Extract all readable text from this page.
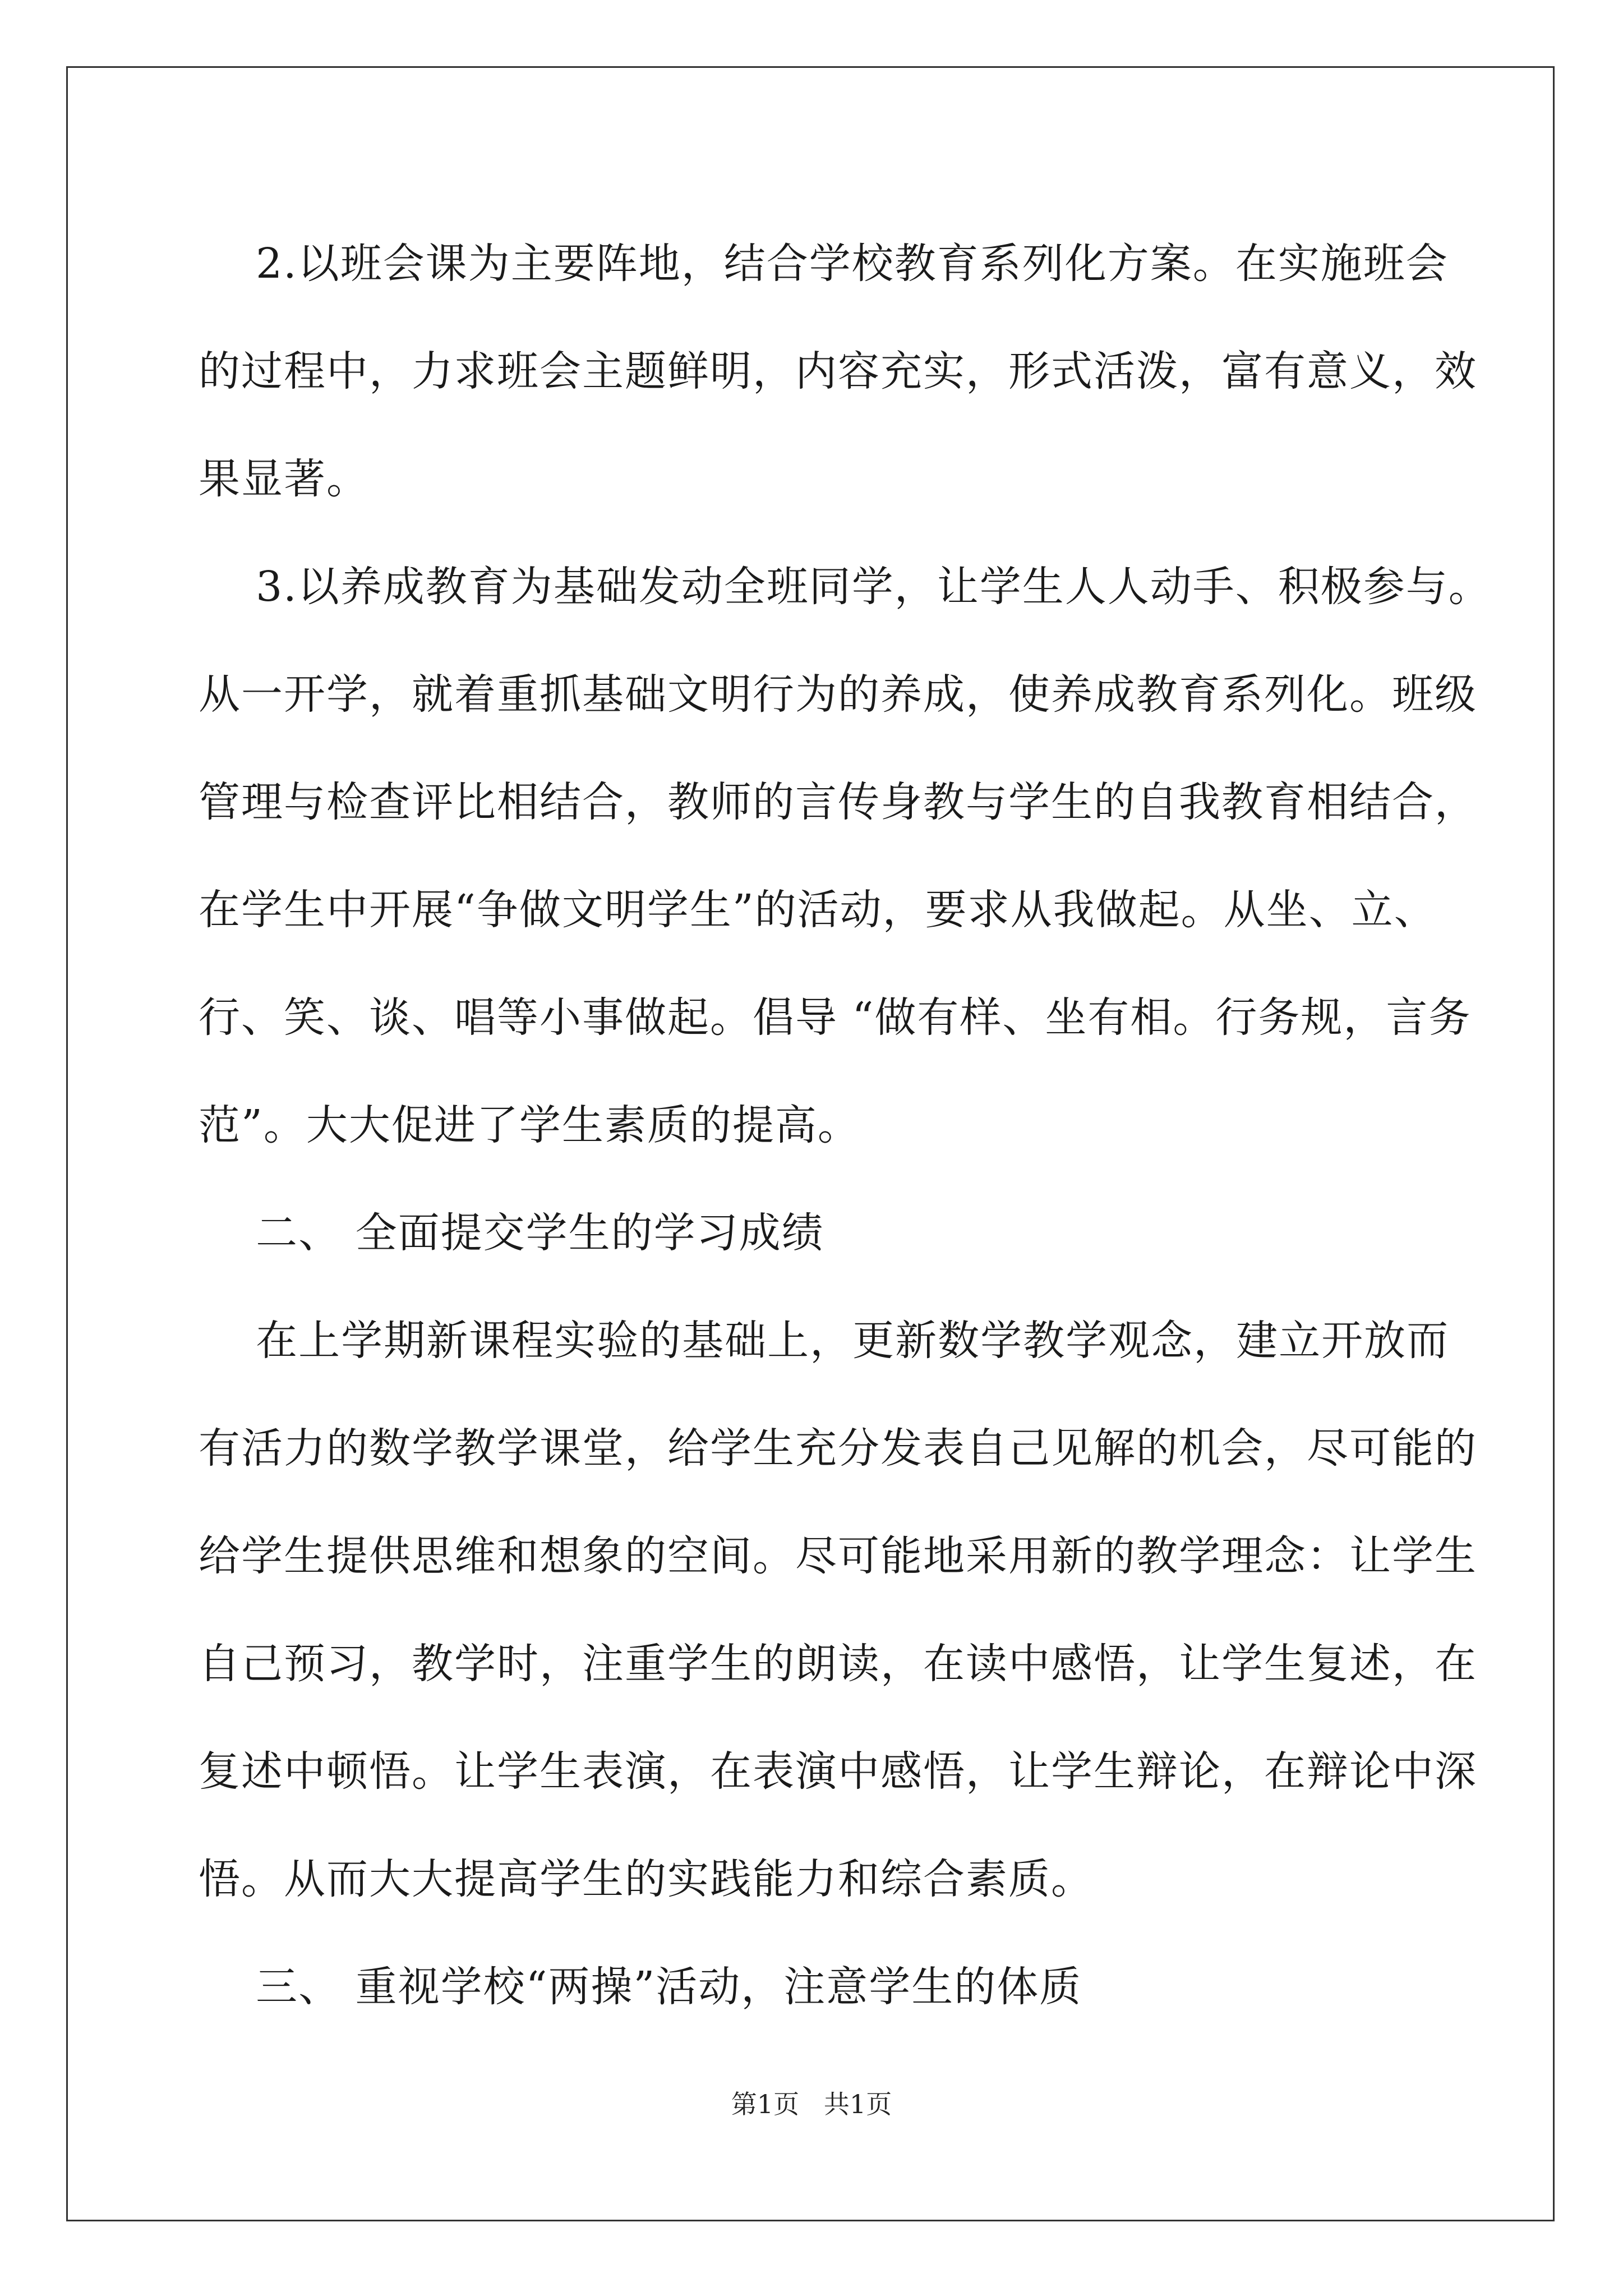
2.以班会课为主要阵地，结合学校教育系列化方案。在实施班会

的过程中，力求班会主题鲜明，内容充实，形式活泼，富有意义，效

果显著。

3.以养成教育为基础发动全班同学，让学生人人动手、积极参与。

从一开学，就着重抓基础文明行为的养成，使养成教育系列化。班级

管理与检查评比相结合，教师的言传身教与学生的自我教育相结合，

在学生中开展“争做文明学生”的活动，要求从我做起。从坐、立、

行、笑、谈、唱等小事做起。倡导 “做有样、坐有相。行务规，言务

范”。大大促进了学生素质的提高。

二、 全面提交学生的学习成绩

在上学期新课程实验的基础上，更新数学教学观念，建立开放而

有活力的数学教学课堂，给学生充分发表自己见解的机会，尽可能的

给学生提供思维和想象的空间。尽可能地采用新的教学理念：让学生

自己预习，教学时，注重学生的朗读，在读中感悟，让学生复述，在

复述中顿悟。让学生表演，在表演中感悟，让学生辩论，在辩论中深

悟。从而大大提高学生的实践能力和综合素质。

三、 重视学校“两操”活动，注意学生的体质

第1页   共1页
